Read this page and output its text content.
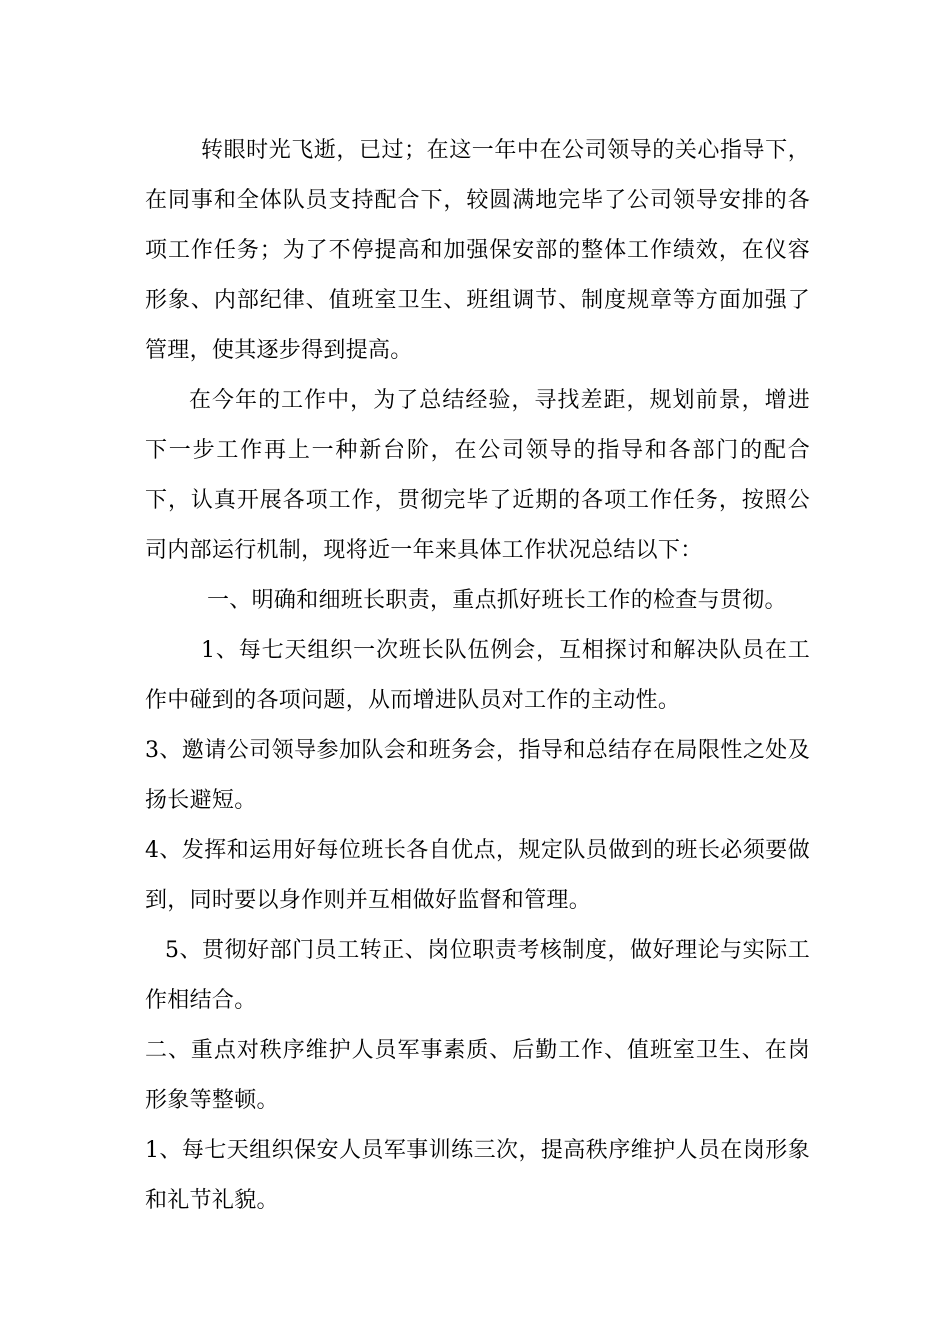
转眼时光飞逝，已过；在这一年中在公司领导的关心指导下，在同事和全体队员支持配合下，较圆满地完毕了公司领导安排的各项工作任务；为了不停提高和加强保安部的整体工作绩效，在仪容形象、内部纪律、值班室卫生、班组调节、制度规章等方面加强了管理，使其逐步得到提高。

在今年的工作中，为了总结经验，寻找差距，规划前景，增进下一步工作再上一种新台阶，在公司领导的指导和各部门的配合下，认真开展各项工作，贯彻完毕了近期的各项工作任务，按照公司内部运行机制，现将近一年来具体工作状况总结以下：

一、明确和细班长职责，重点抓好班长工作的检查与贯彻。

1、每七天组织一次班长队伍例会，互相探讨和解决队员在工作中碰到的各项问题，从而增进队员对工作的主动性。

3、邀请公司领导参加队会和班务会，指导和总结存在局限性之处及扬长避短。

4、发挥和运用好每位班长各自优点，规定队员做到的班长必须要做到，同时要以身作则并互相做好监督和管理。

5、贯彻好部门员工转正、岗位职责考核制度，做好理论与实际工作相结合。

二、重点对秩序维护人员军事素质、后勤工作、值班室卫生、在岗形象等整顿。

1、每七天组织保安人员军事训练三次，提高秩序维护人员在岗形象和礼节礼貌。
